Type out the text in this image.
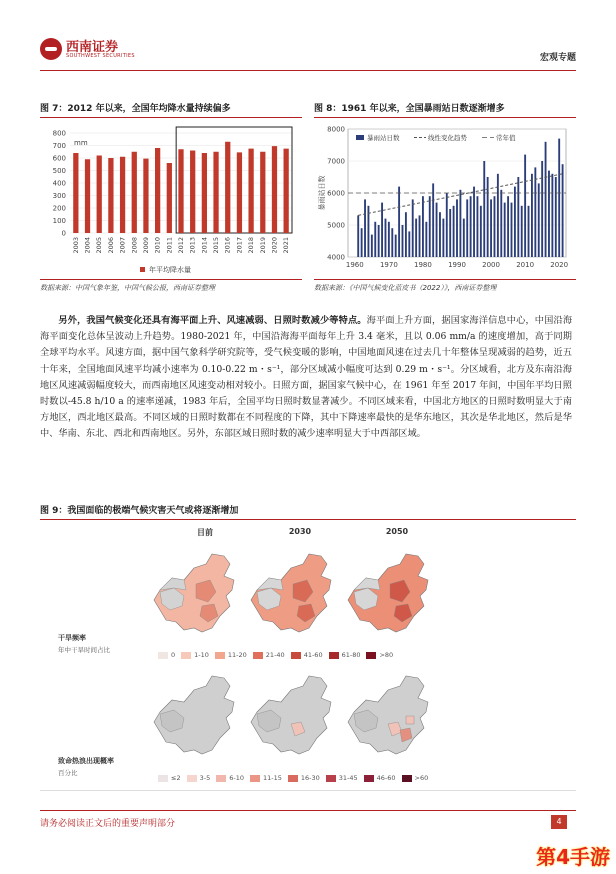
西南证券
SOUTHWEST SECURITIES	宏观专题
图 7：2012 年以来，全国年均降水量持续偏多
0
100
200
300
400
500
600
700
800
mm
2003 2004 2005 2006 2007 2008 2009 2010 2011 2012 2013 2014 2015 2016 2017 2018 2019 2020 2021
年平均降水量
数据来源：中国气象年鉴，中国气候公报，西南证券整理
图 8：1961 年以来，全国暴雨站日数逐渐增多
4000
5000
6000
7000
8000
1960 1970 1980 1990 2000 2010 2020
暴雨站日数
暴雨站日数	线性变化趋势	常年值
数据来源：《中国气候变化蓝皮书（2022）》，西南证券整理

另外，我国气候变化还具有海平面上升、风速减弱、日照时数减少等特点。海平面上升方面，据国家海洋信息中心，中国沿海海平面变化总体呈波动上升趋势。1980-2021 年，中国沿海海平面每年上升 3.4 毫米，且以 0.06 mm/a 的速度增加，高于同期全球平均水平。风速方面，据中国气象科学研究院等，受气候变暖的影响，中国地面风速在过去几十年整体呈现减弱的趋势，近五十年来，全国地面风速平均减小速率为 0.10-0.22 m・s⁻¹，部分区域减小幅度可达到 0.29 m・s⁻¹。分区域看，北方及东南沿海地区风速减弱幅度较大，而西南地区风速变动相对较小。日照方面，据国家气候中心，在 1961 年至 2017 年间，中国年平均日照时数以-45.8 h/10 a 的速率递减，1983 年后，全国平均日照时数显著减少。不同区域来看，中国北方地区的日照时数明显大于南方地区，西北地区最高。不同区域的日照时数都在不同程度的下降，其中下降速率最快的是华东地区，其次是华北地区，然后是华中、华南、东北、西北和西南地区。另外，东部区域日照时数的减少速率明显大于中西部区域。

图 9：我国面临的极端气候灾害天气或将逐渐增加
目前	2030	2050
干旱频率
年中干旱时间占比
0	1-10	11-20	21-40	41-60	61-80	>80
致命热浪出现概率
百分比
≤2	3-5	6-10	11-15	16-30	31-45	46-60	>60
请务必阅读正文后的重要声明部分	4
第4手游
